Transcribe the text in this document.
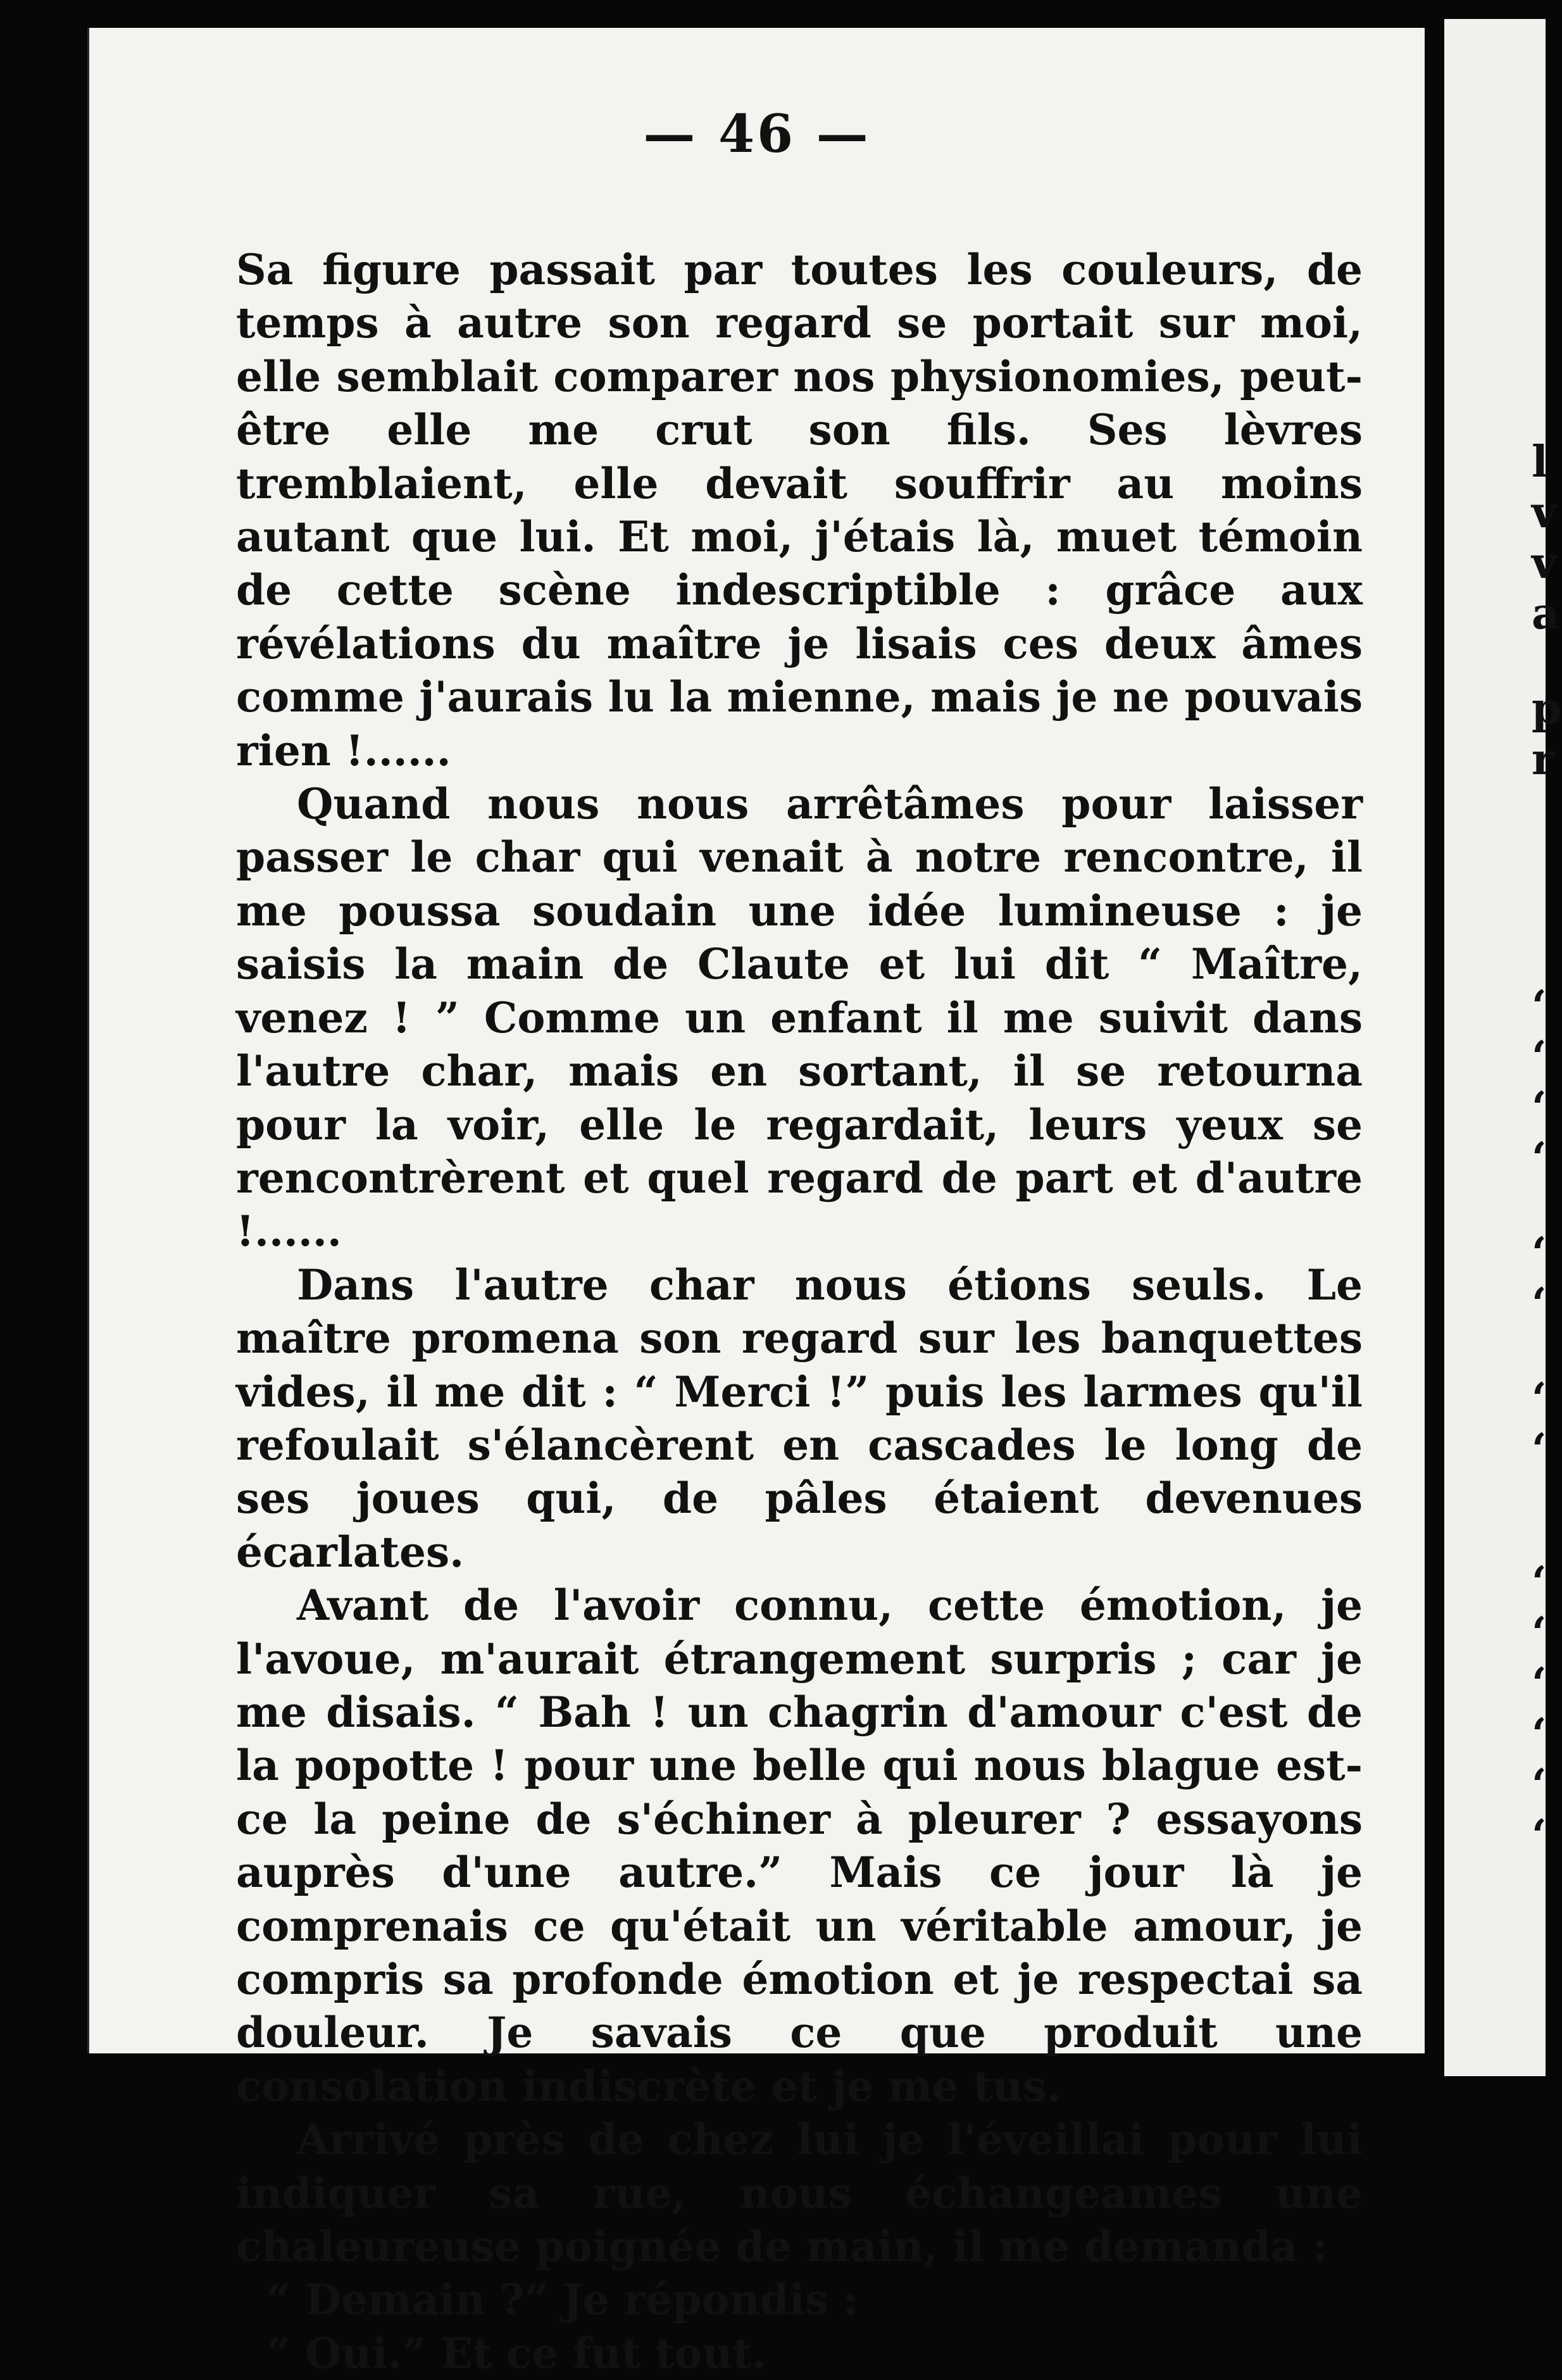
— 46 —

Sa figure passait par toutes les couleurs, de temps à autre son regard se portait sur moi, elle semblait comparer nos physionomies, peut-être elle me crut son fils. Ses lèvres tremblaient, elle devait souffrir au moins autant que lui. Et moi, j'étais là, muet témoin de cette scène indescriptible : grâce aux révélations du maître je lisais ces deux âmes comme j'aurais lu la mienne, mais je ne pouvais rien !......

Quand nous nous arrêtâmes pour laisser passer le char qui venait à notre rencontre, il me poussa soudain une idée lumineuse : je saisis la main de Claute et lui dit “ Maître, venez ! ” Comme un enfant il me suivit dans l'autre char, mais en sortant, il se retourna pour la voir, elle le regardait, leurs yeux se rencontrèrent et quel regard de part et d'autre !......

Dans l'autre char nous étions seuls. Le maître promena son regard sur les banquettes vides, il me dit : “ Merci !” puis les larmes qu'il refoulait s'élancèrent en cascades le long de ses joues qui, de pâles étaient devenues écarlates.

Avant de l'avoir connu, cette émotion, je l'avoue, m'aurait étrangement surpris ; car je me disais. “ Bah ! un chagrin d'amour c'est de la popotte ! pour une belle qui nous blague est-ce la peine de s'échiner à pleurer ? essayons auprès d'une autre.” Mais ce jour là je comprenais ce qu'était un véritable amour, je compris sa profonde émotion et je respectai sa douleur. Je savais ce que produit une consolation indiscrète et je me tus.

Arrivé près de chez lui je l'éveillai pour lui indiquer sa rue, nous échangeames une chaleureuse poignée de main, il me demanda :

“ Demain ?” Je répondis :

“ Oui.” Et ce fut tout.

l
v
v
a
p
r
‘
‘
‘
‘
‘
‘
‘
‘
‘
‘
‘
‘
‘
‘
